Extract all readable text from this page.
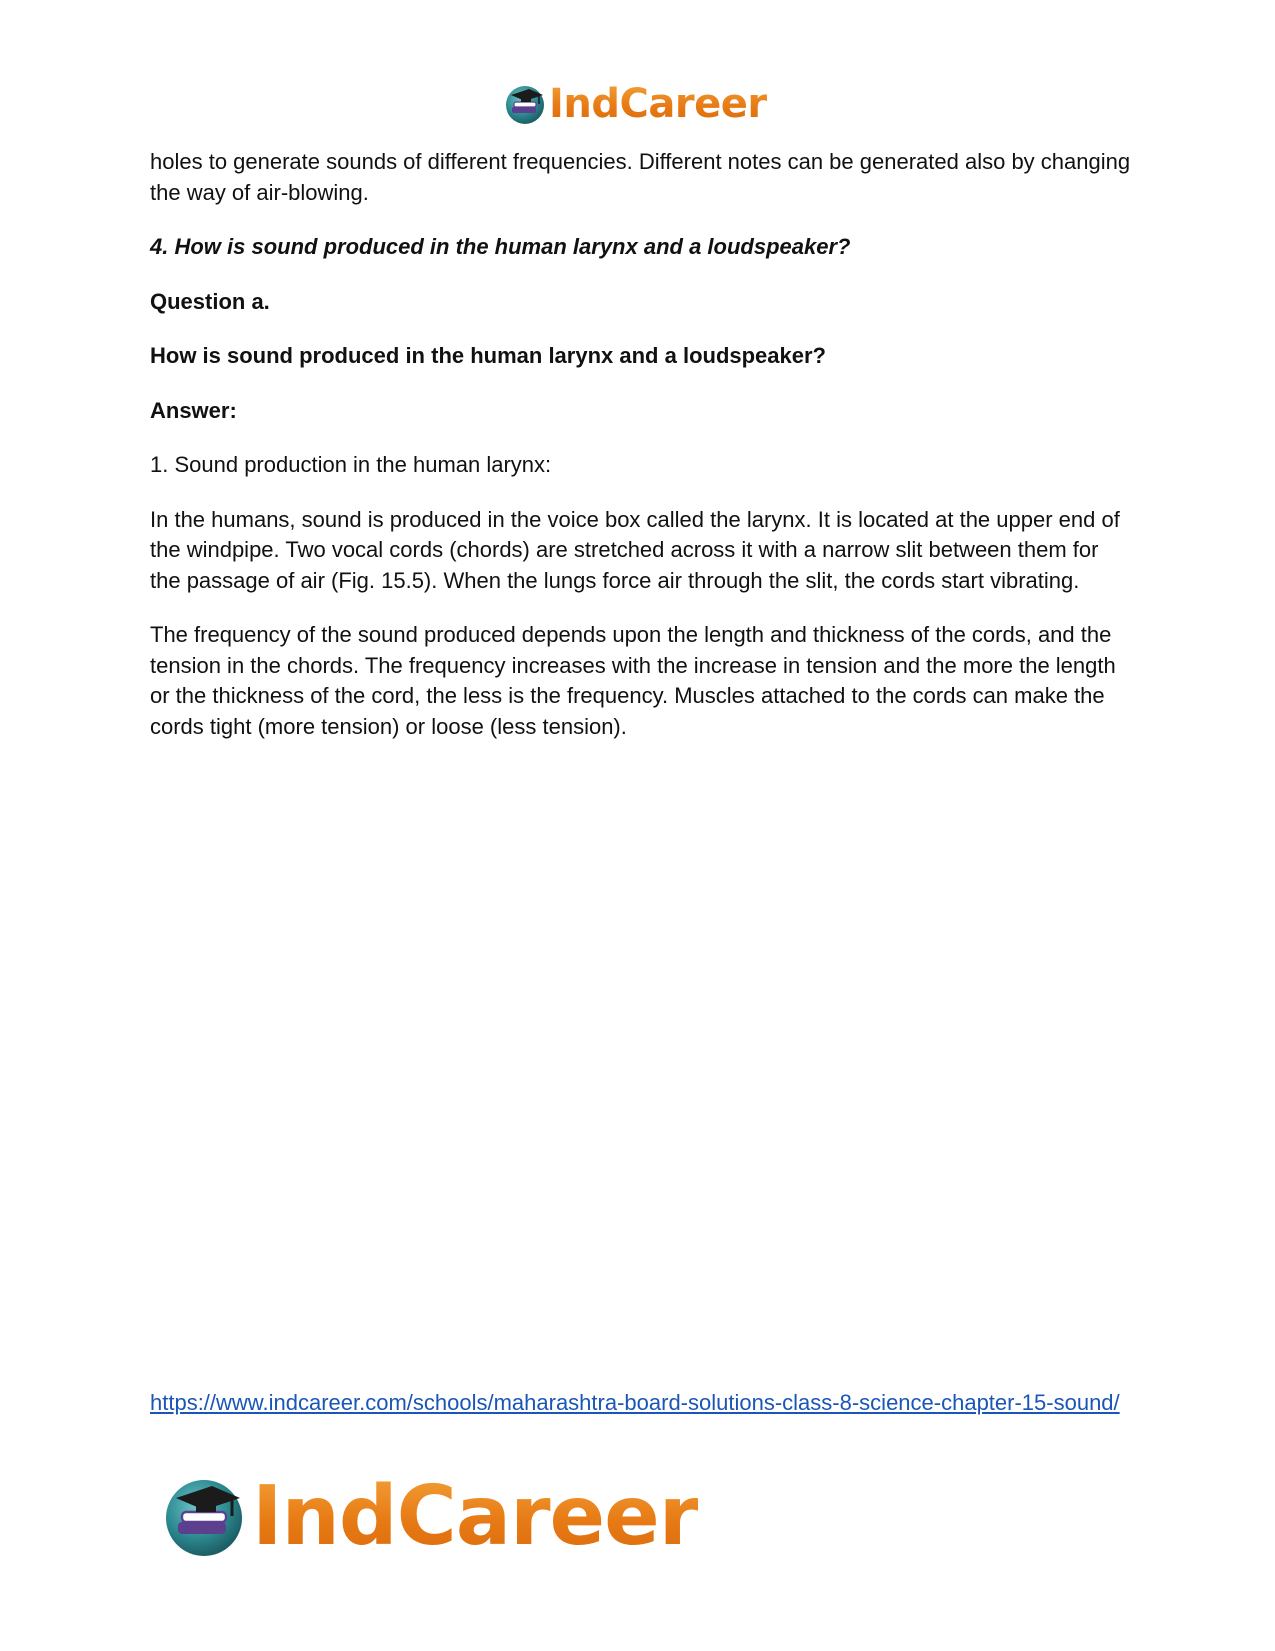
IndCareer

holes to generate sounds of different frequencies. Different notes can be generated also by changing the way of air-blowing.

4. How is sound produced in the human larynx and a loudspeaker?

Question a.

How is sound produced in the human larynx and a loudspeaker?

Answer:

1. Sound production in the human larynx:

In the humans, sound is produced in the voice box called the larynx. It is located at the upper end of the windpipe. Two vocal cords (chords) are stretched across it with a narrow slit between them for the passage of air (Fig. 15.5). When the lungs force air through the slit, the cords start vibrating.

The frequency of the sound produced depends upon the length and thickness of the cords, and the tension in the chords. The frequency increases with the increase in tension and the more the length or the thickness of the cord, the less is the frequency. Muscles attached to the cords can make the cords tight (more tension) or loose (less tension).

https://www.indcareer.com/schools/maharashtra-board-solutions-class-8-science-chapter-15-sound/
IndCareer
